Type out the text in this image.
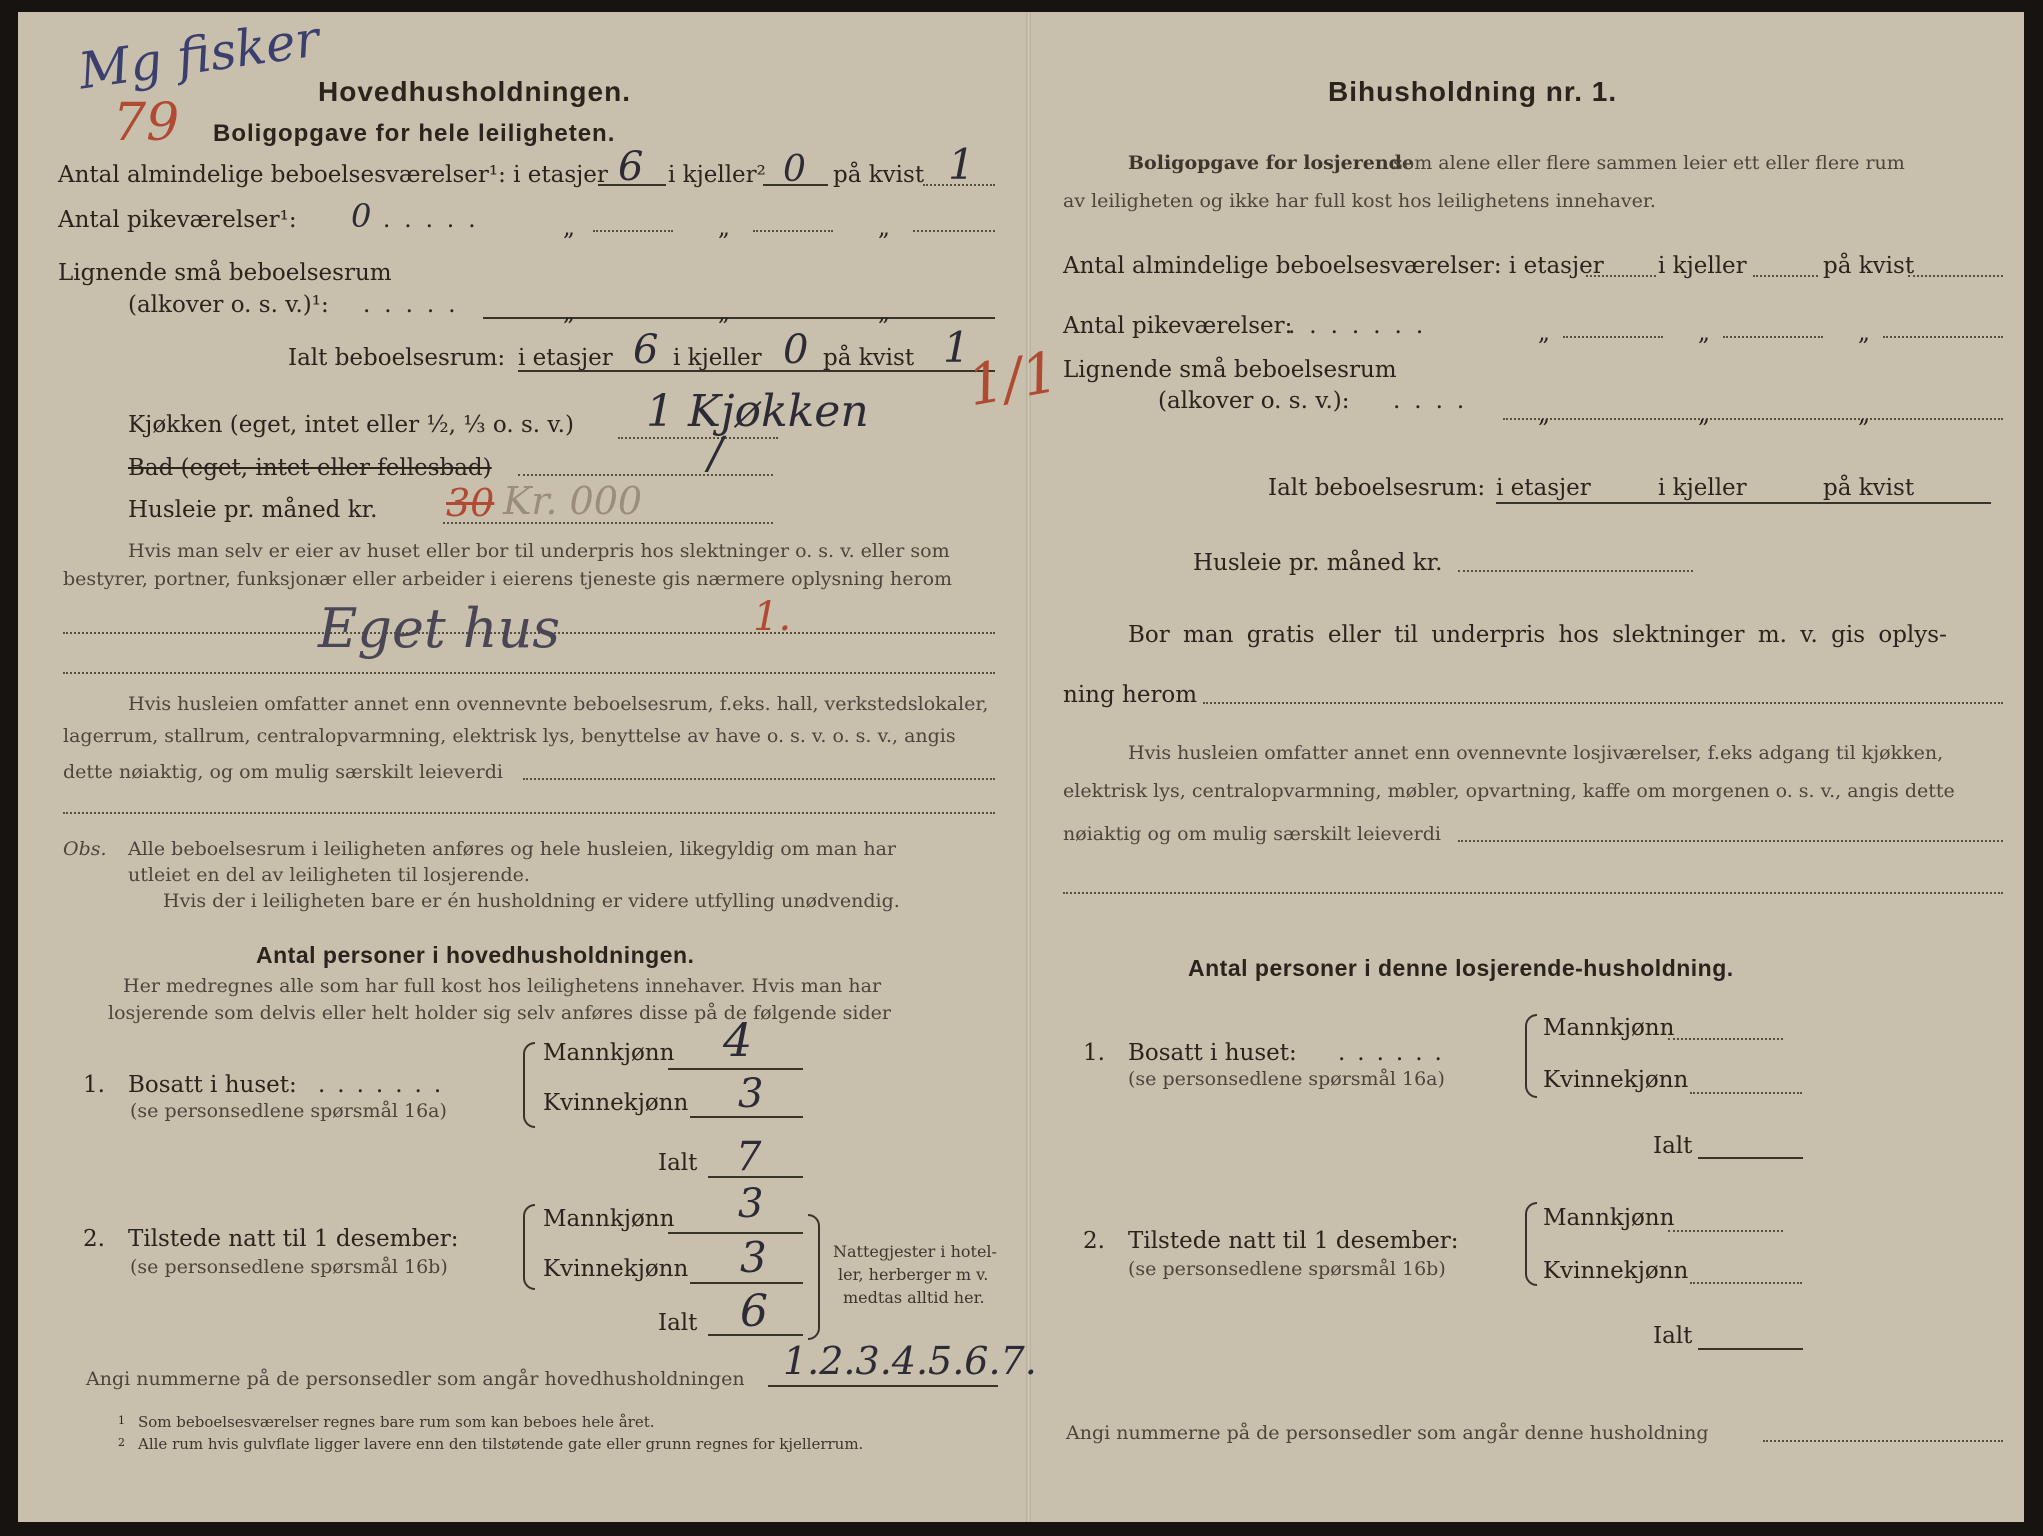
Mg fisker
79
Hovedhusholdningen.
Boligopgave for hele leiligheten.
Antal almindelige beboelsesværelser¹: i etasjer 6 i kjeller² 0 på kvist 1
Antal pikeværelser¹: 0 .....	„	„	„
Lignende små beboelsesrum
(alkover o. s. v.)¹: .....	„	„	„
Ialt beboelsesrum: i etasjer 6 i kjeller 0 på kvist 1
1/1
Kjøkken (eget, intet eller ½, ⅓ o. s. v.) 1 Kjøkken
Bad (eget, intet eller fellesbad)	/
Husleie pr. måned kr. 30 Kr. 000
Hvis man selv er eier av huset eller bor til underpris hos slektninger o. s. v. eller som
bestyrer, portner, funksjonær eller arbeider i eierens tjeneste gis nærmere oplysning herom
Eget hus	1.
Hvis husleien omfatter annet enn ovennevnte beboelsesrum, f.eks. hall, verkstedslokaler,
lagerrum, stallrum, centralopvarmning, elektrisk lys, benyttelse av have o. s. v. o. s. v., angis
dette nøiaktig, og om mulig særskilt leieverdi
Obs. Alle beboelsesrum i leiligheten anføres og hele husleien, likegyldig om man har
utleiet en del av leiligheten til losjerende.
Hvis der i leiligheten bare er én husholdning er videre utfylling unødvendig.
Antal personer i hovedhusholdningen.
Her medregnes alle som har full kost hos leilighetens innehaver. Hvis man har
losjerende som delvis eller helt holder sig selv anføres disse på de følgende sider
1. Bosatt i huset: .......
(se personsedlene spørsmål 16a)
Mannkjønn 4
Kvinnekjønn 3
Ialt 7
2. Tilstede natt til 1 desember:
(se personsedlene spørsmål 16b)
Mannkjønn 3
Kvinnekjønn 3
Ialt 6
Nattegjester i hotel-
ler, herberger m v.
medtas alltid her.
Angi nummerne på de personsedler som angår hovedhusholdningen 1.2.3.4.5.6.7.
1 Som beboelsesværelser regnes bare rum som kan beboes hele året.
2 Alle rum hvis gulvflate ligger lavere enn den tilstøtende gate eller grunn regnes for kjellerrum.
Bihusholdning nr. 1.
Boligopgave for losjerende
som alene eller flere sammen leier ett eller flere rum
av leiligheten og ikke har full kost hos leilighetens innehaver.
Antal almindelige beboelsesværelser: i etasjer i kjeller	på kvist
Antal pikeværelser:
.......	„	„	„
Lignende små beboelsesrum
(alkover o. s. v.): ....
„	„	„
Ialt beboelsesrum: i etasjer	i kjeller	på kvist
Husleie pr. måned kr.
Bor man gratis eller til underpris hos slektninger m. v. gis oplys-
ning herom
Hvis husleien omfatter annet enn ovennevnte losjiværelser, f.eks adgang til kjøkken,
elektrisk lys, centralopvarmning, møbler, opvartning, kaffe om morgenen o. s. v., angis dette
nøiaktig og om mulig særskilt leieverdi
Antal personer i denne losjerende-husholdning.
1. Bosatt i huset: ......
(se personsedlene spørsmål 16a)
Mannkjønn
Kvinnekjønn
Ialt
2. Tilstede natt til 1 desember:
(se personsedlene spørsmål 16b)
Mannkjønn
Kvinnekjønn
Ialt
Angi nummerne på de personsedler som angår denne husholdning
